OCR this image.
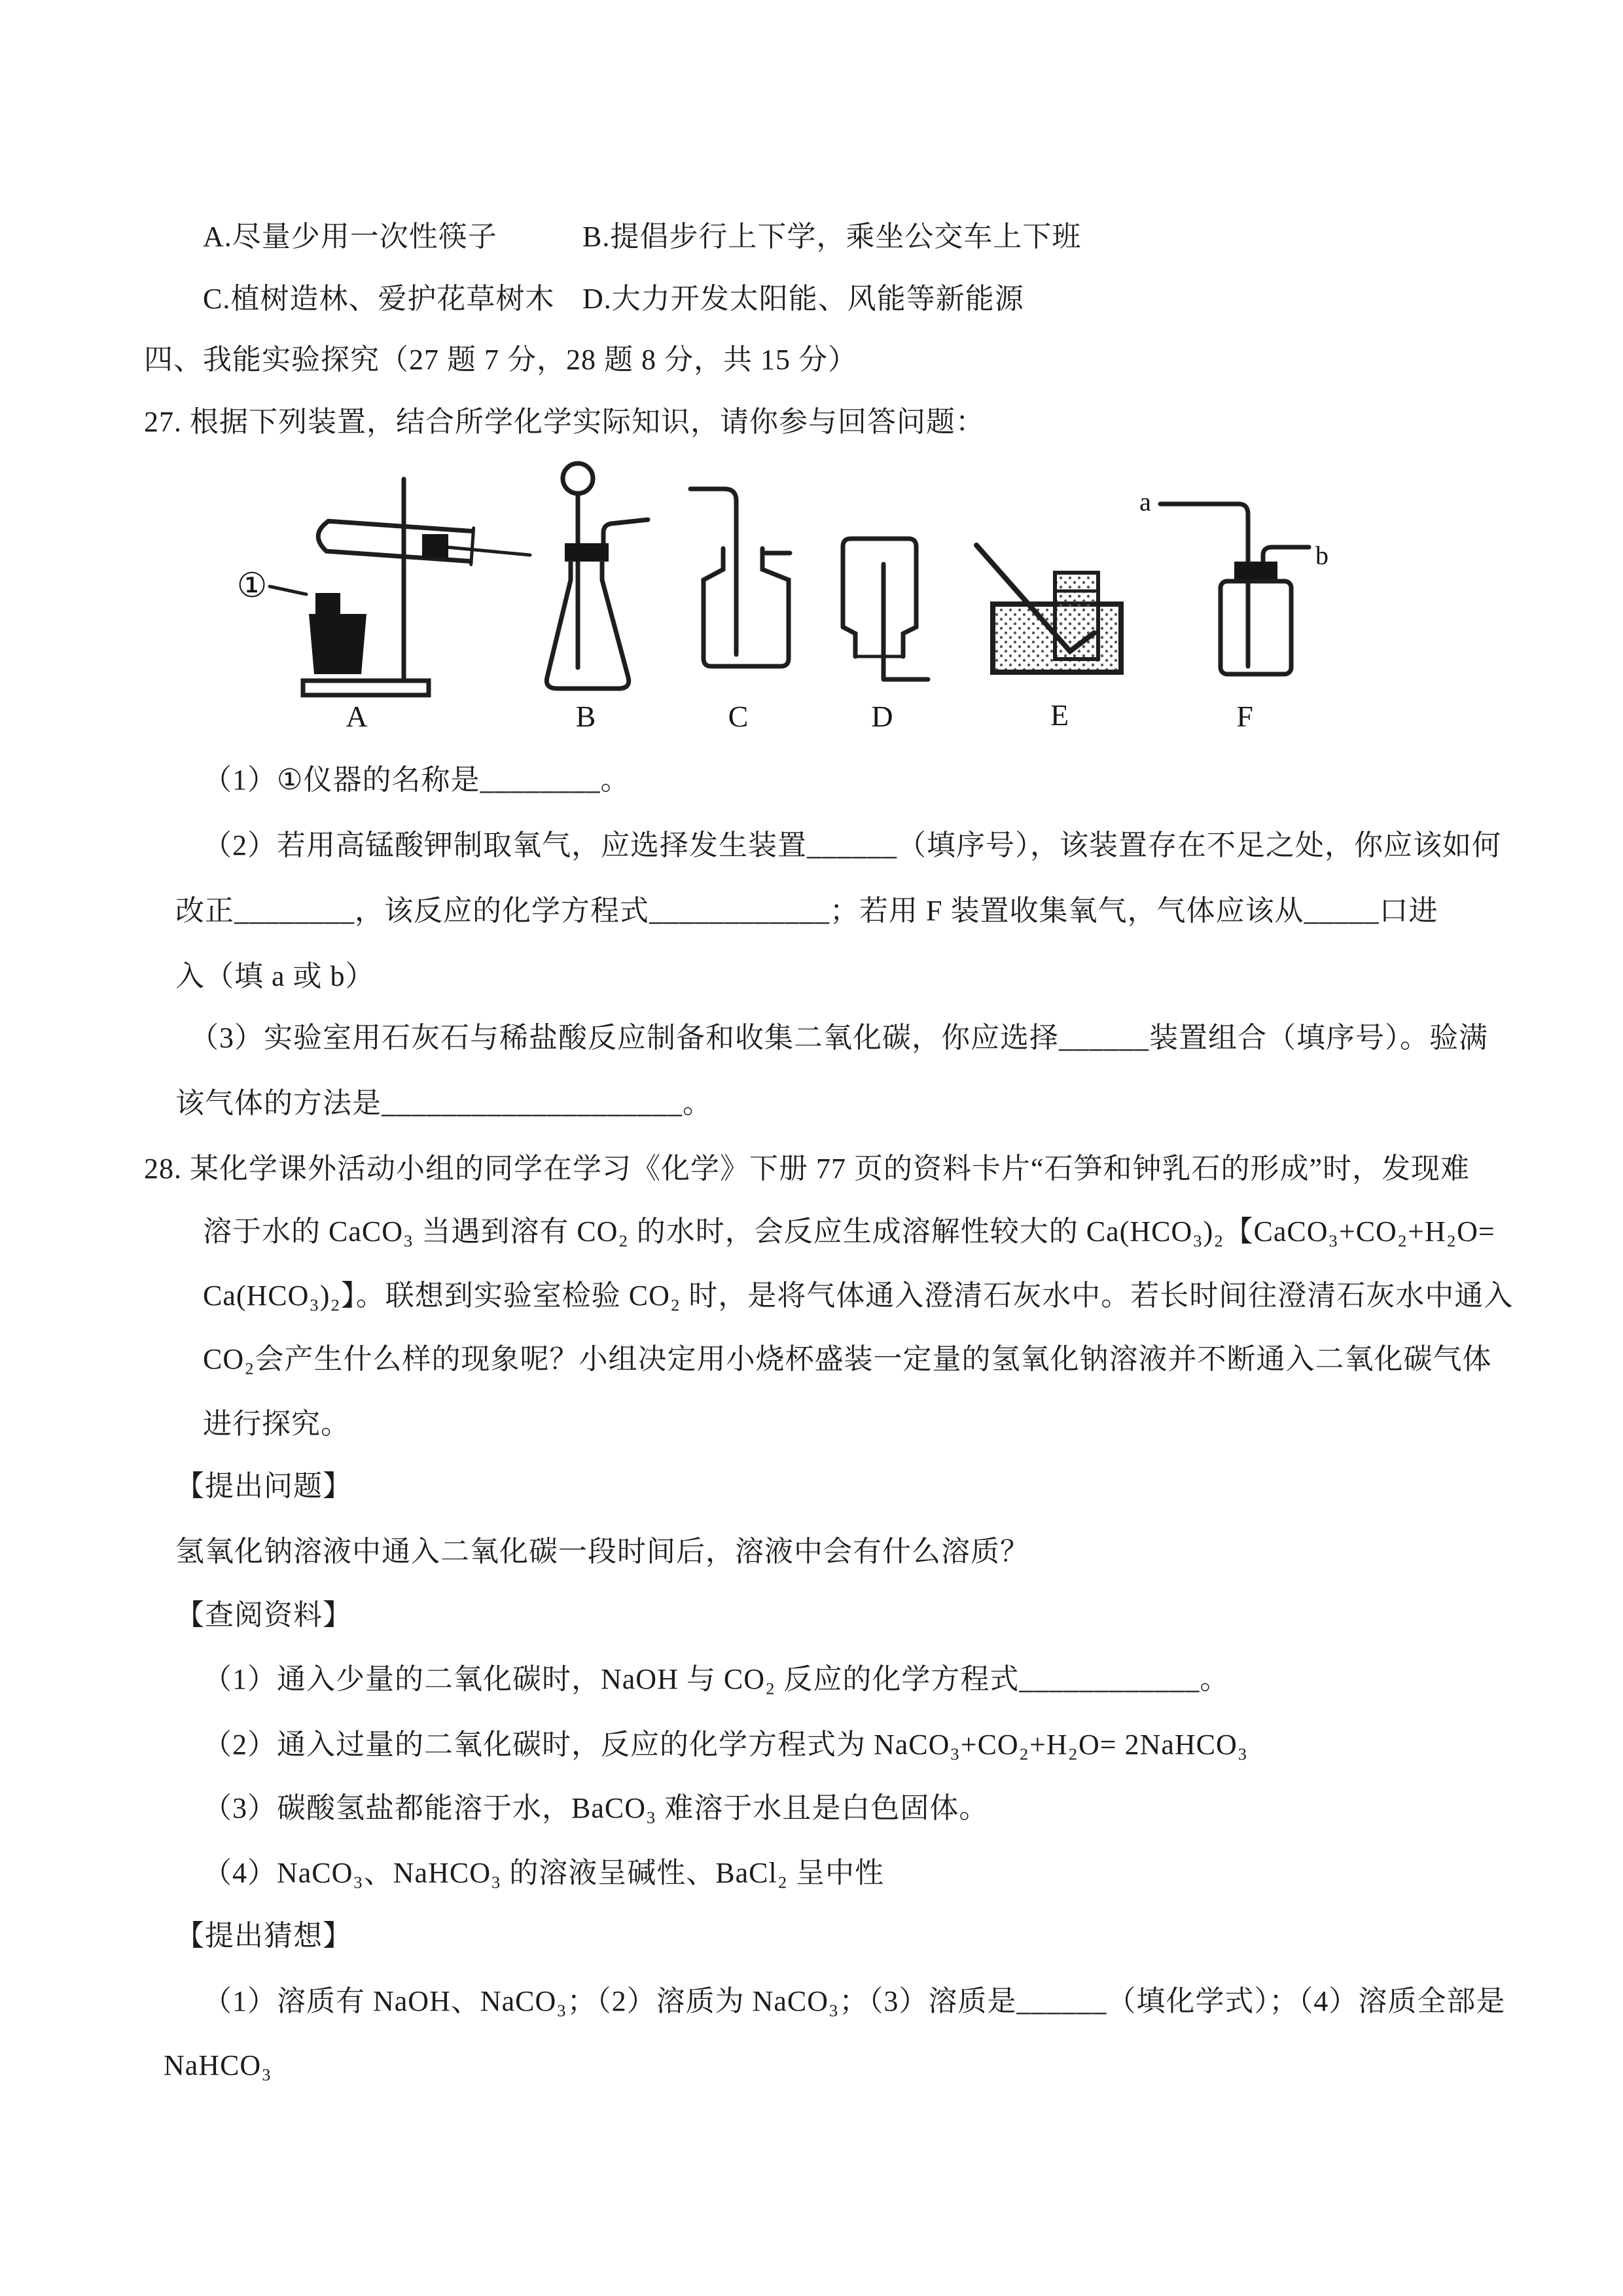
A.尽量少用一次性筷子	B.提倡步行上下学，乘坐公交车上下班
C.植树造林、爱护花草树木 D.大力开发太阳能、风能等新能源
四、我能实验探究（27 题 7 分，28 题 8 分，共 15 分）
27. 根据下列装置，结合所学化学实际知识，请你参与回答问题：
①
A	B	C	D	E
a
b
F
（1）①仪器的名称是________。
（2）若用高锰酸钾制取氧气，应选择发生装置______（填序号），该装置存在不足之处，你应该如何
改正________，该反应的化学方程式____________；若用 F 装置收集氧气，气体应该从_____口进
入（填 a 或 b）
（3）实验室用石灰石与稀盐酸反应制备和收集二氧化碳，你应选择______装置组合（填序号）。验满
该气体的方法是____________________。
28. 某化学课外活动小组的同学在学习《化学》下册 77 页的资料卡片“石笋和钟乳石的形成”时，发现难
溶于水的 CaCO₃ 当遇到溶有 CO₂ 的水时，会反应生成溶解性较大的 Ca(HCO₃)₂【CaCO₃+CO₂+H₂O=
Ca(HCO₃)₂】。联想到实验室检验 CO₂ 时，是将气体通入澄清石灰水中。若长时间往澄清石灰水中通入
CO₂会产生什么样的现象呢？小组决定用小烧杯盛装一定量的氢氧化钠溶液并不断通入二氧化碳气体
进行探究。
【提出问题】
氢氧化钠溶液中通入二氧化碳一段时间后，溶液中会有什么溶质？
【查阅资料】
（1）通入少量的二氧化碳时，NaOH 与 CO₂ 反应的化学方程式____________。
（2）通入过量的二氧化碳时，反应的化学方程式为 NaCO₃+CO₂+H₂O= 2NaHCO₃
（3）碳酸氢盐都能溶于水，BaCO₃ 难溶于水且是白色固体。
（4）NaCO₃、NaHCO₃ 的溶液呈碱性、BaCl₂ 呈中性
【提出猜想】
（1）溶质有 NaOH、NaCO₃；（2）溶质为 NaCO₃；（3）溶质是______（填化学式）；（4）溶质全部是
NaHCO₃
